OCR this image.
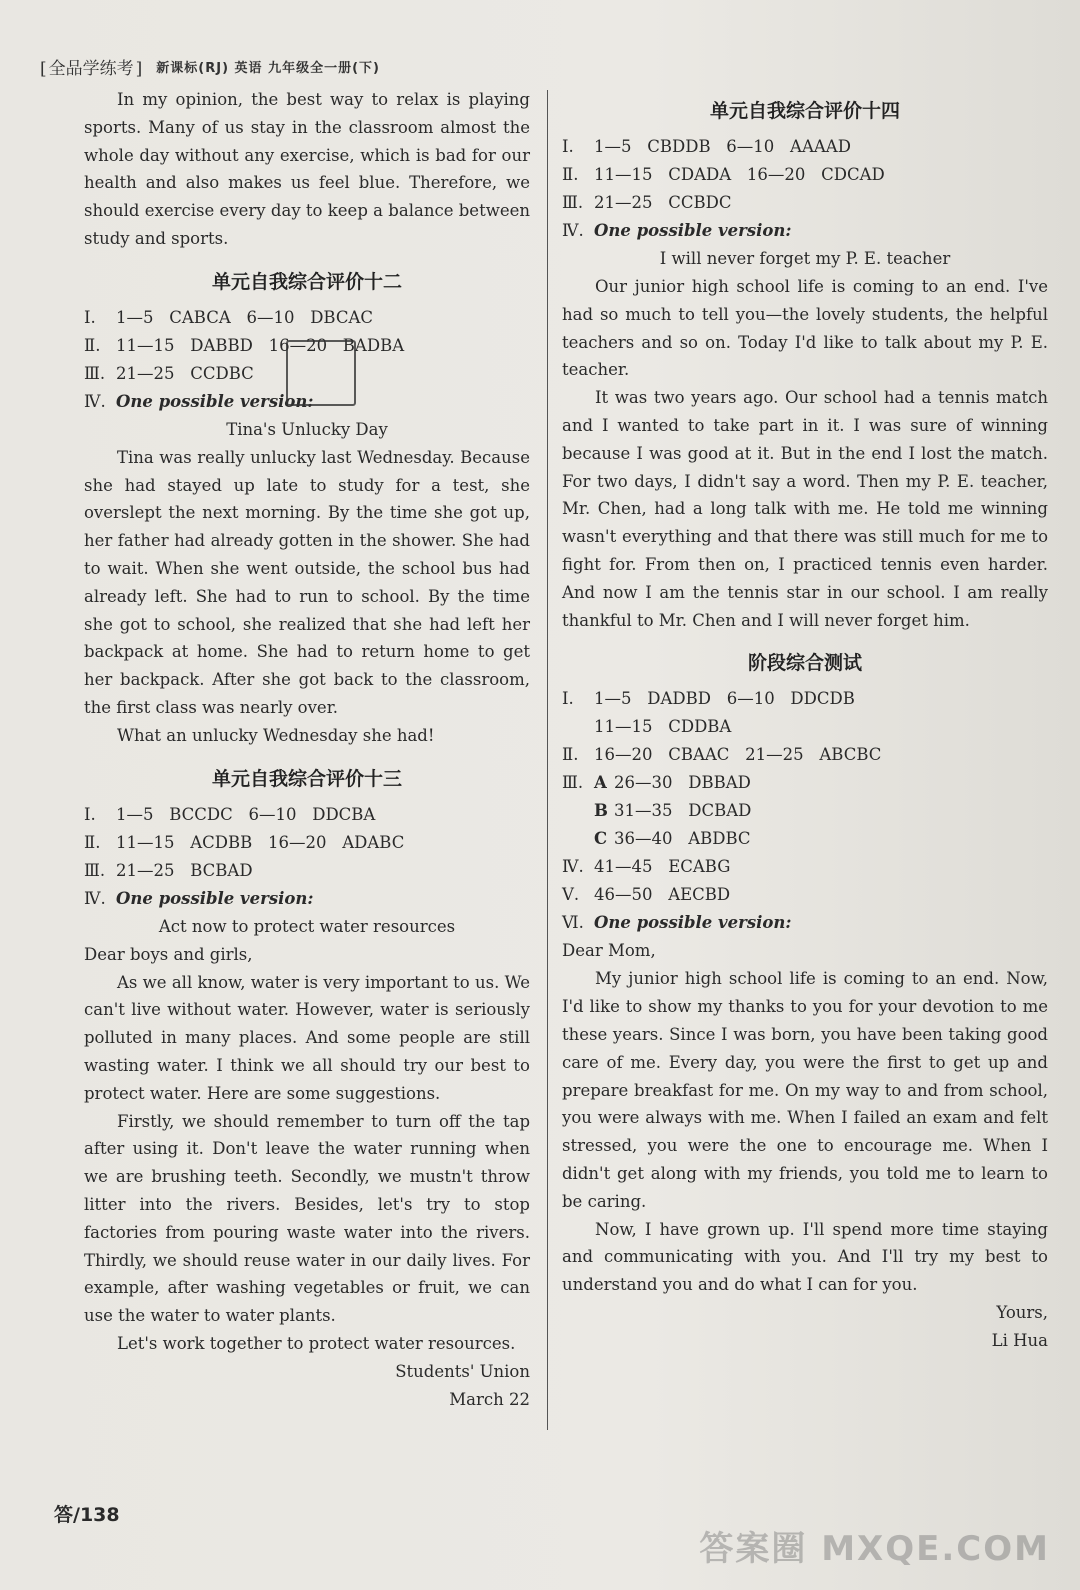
[ 全品学练考 ]	新课标(RJ) 英语 九年级全一册(下)

In my opinion, the best way to relax is playing sports. Many of us stay in the classroom almost the whole day without any exercise, which is bad for our health and also makes us feel blue. Therefore, we should exercise every day to keep a balance between study and sports.

单元自我综合评价十二
Ⅰ. 1—5   CABCA   6—10   DBCAC
Ⅱ. 11—15   DABBD   16—20   BADBA
Ⅲ. 21—25   CCDBC
Ⅳ. One possible version:
Tina's Unlucky Day

Tina was really unlucky last Wednesday. Because she had stayed up late to study for a test, she overslept the next morning. By the time she got up, her father had already gotten in the shower. She had to wait. When she went outside, the school bus had already left. She had to run to school. By the time she got to school, she realized that she had left her backpack at home. She had to return home to get her backpack. After she got back to the classroom, the first class was nearly over.

What an unlucky Wednesday she had!

单元自我综合评价十三
Ⅰ. 1—5   BCCDC   6—10   DDCBA
Ⅱ. 11—15   ACDBB   16—20   ADABC
Ⅲ. 21—25   BCBAD
Ⅳ. One possible version:
Act now to protect water resources
Dear boys and girls,

As we all know, water is very important to us. We can't live without water. However, water is seriously polluted in many places. And some people are still wasting water. I think we all should try our best to protect water. Here are some suggestions.

Firstly, we should remember to turn off the tap after using it. Don't leave the water running when we are brushing teeth. Secondly, we mustn't throw litter into the rivers. Besides, let's try to stop factories from pouring waste water into the rivers. Thirdly, we should reuse water in our daily lives. For example, after washing vegetables or fruit, we can use the water to water plants.

Let's work together to protect water resources.

Students' Union
March 22
单元自我综合评价十四
Ⅰ. 1—5   CBDDB   6—10   AAAAD
Ⅱ. 11—15   CDADA   16—20   CDCAD
Ⅲ. 21—25   CCBDC
Ⅳ. One possible version:
I will never forget my P. E. teacher

Our junior high school life is coming to an end. I've had so much to tell you—the lovely students, the helpful teachers and so on. Today I'd like to talk about my P. E. teacher.

It was two years ago. Our school had a tennis match and I wanted to take part in it. I was sure of winning because I was good at it. But in the end I lost the match. For two days, I didn't say a word. Then my P. E. teacher, Mr. Chen, had a long talk with me. He told me winning wasn't everything and that there was still much for me to fight for. From then on, I practiced tennis even harder. And now I am the tennis star in our school. I am really thankful to Mr. Chen and I will never forget him.

阶段综合测试
Ⅰ. 1—5   DADBD   6—10   DDCDB
11—15   CDDBA
Ⅱ. 16—20   CBAAC   21—25   ABCBC
Ⅲ. A 26—30   DBBAD
B 31—35   DCBAD
C 36—40   ABDBC
Ⅳ. 41—45   ECABG
Ⅴ. 46—50   AECBD
Ⅵ. One possible version:
Dear Mom,

My junior high school life is coming to an end. Now, I'd like to show my thanks to you for your devotion to me these years. Since I was born, you have been taking good care of me. Every day, you were the first to get up and prepare breakfast for me. On my way to and from school, you were always with me. When I failed an exam and felt stressed, you were the one to encourage me. When I didn't get along with my friends, you told me to learn to be caring.

Now, I have grown up. I'll spend more time staying and communicating with you. And I'll try my best to understand you and do what I can for you.

Yours,
Li Hua
答/138
答案圈 MXQE.COM
